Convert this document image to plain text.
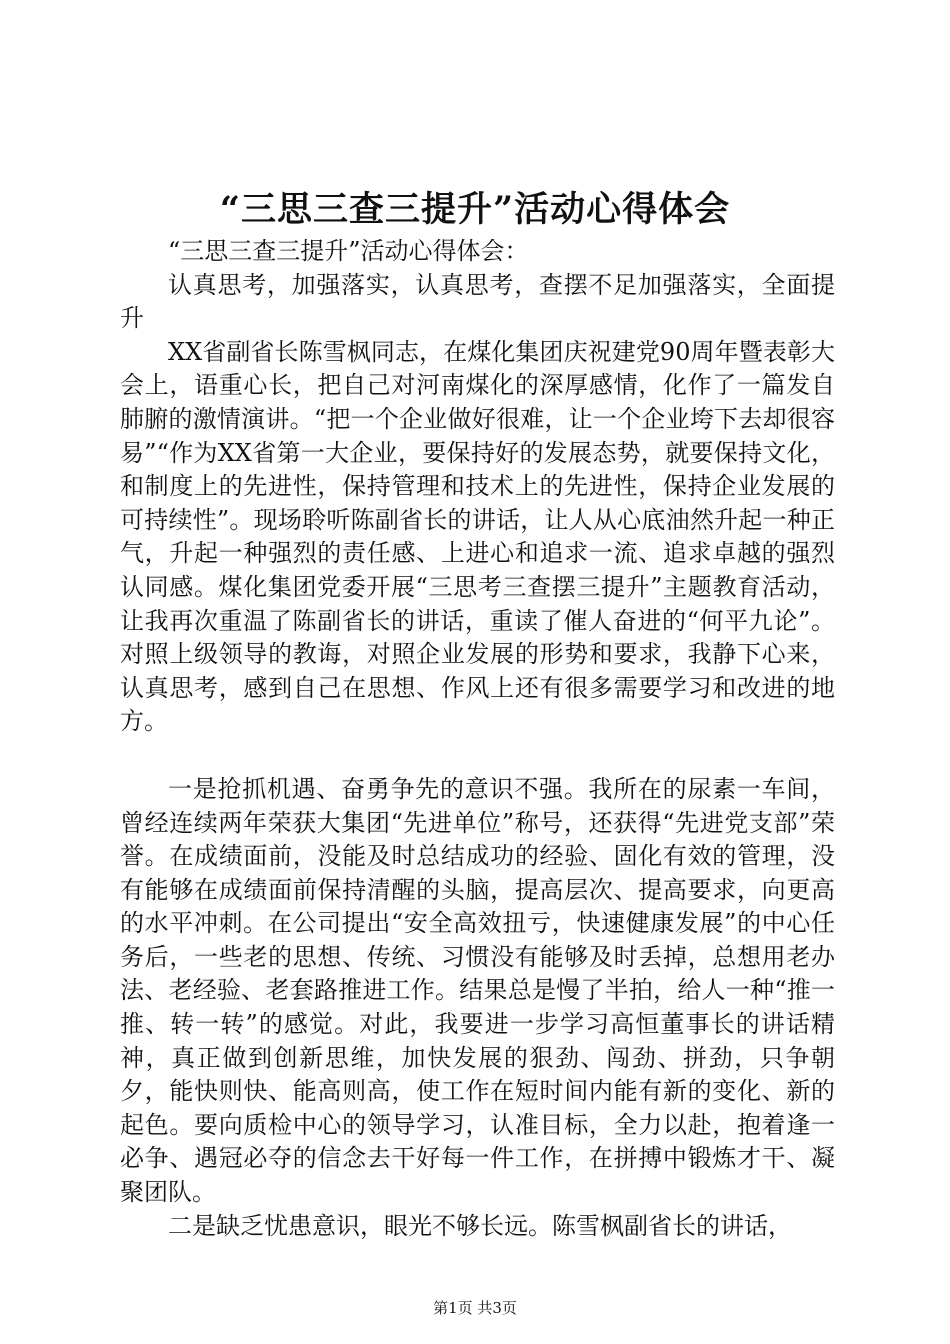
“三思三查三提升”活动心得体会

“三思三查三提升”活动心得体会：

认真思考，加强落实，认真思考，查摆不足加强落实，全面提升

XX省副省长陈雪枫同志，在煤化集团庆祝建党90周年暨表彰大会上，语重心长，把自己对河南煤化的深厚感情，化作了一篇发自肺腑的激情演讲。“把一个企业做好很难，让一个企业垮下去却很容易”“作为XX省第一大企业，要保持好的发展态势，就要保持文化，和制度上的先进性，保持管理和技术上的先进性，保持企业发展的可持续性”。现场聆听陈副省长的讲话，让人从心底油然升起一种正气，升起一种强烈的责任感、上进心和追求一流、追求卓越的强烈认同感。煤化集团党委开展“三思考三查摆三提升”主题教育活动，让我再次重温了陈副省长的讲话，重读了催人奋进的“何平九论”。对照上级领导的教诲，对照企业发展的形势和要求，我静下心来，认真思考，感到自己在思想、作风上还有很多需要学习和改进的地方。

一是抢抓机遇、奋勇争先的意识不强。我所在的尿素一车间，曾经连续两年荣获大集团“先进单位”称号，还获得“先进党支部”荣誉。在成绩面前，没能及时总结成功的经验、固化有效的管理，没有能够在成绩面前保持清醒的头脑，提高层次、提高要求，向更高的水平冲刺。在公司提出“安全高效扭亏，快速健康发展”的中心任务后，一些老的思想、传统、习惯没有能够及时丢掉，总想用老办法、老经验、老套路推进工作。结果总是慢了半拍，给人一种“推一推、转一转”的感觉。对此，我要进一步学习高恒董事长的讲话精神，真正做到创新思维，加快发展的狠劲、闯劲、拼劲，只争朝夕，能快则快、能高则高，使工作在短时间内能有新的变化、新的起色。要向质检中心的领导学习，认准目标，全力以赴，抱着逢一必争、遇冠必夺的信念去干好每一件工作，在拼搏中锻炼才干、凝聚团队。

二是缺乏忧患意识，眼光不够长远。陈雪枫副省长的讲话，

第1页 共3页
